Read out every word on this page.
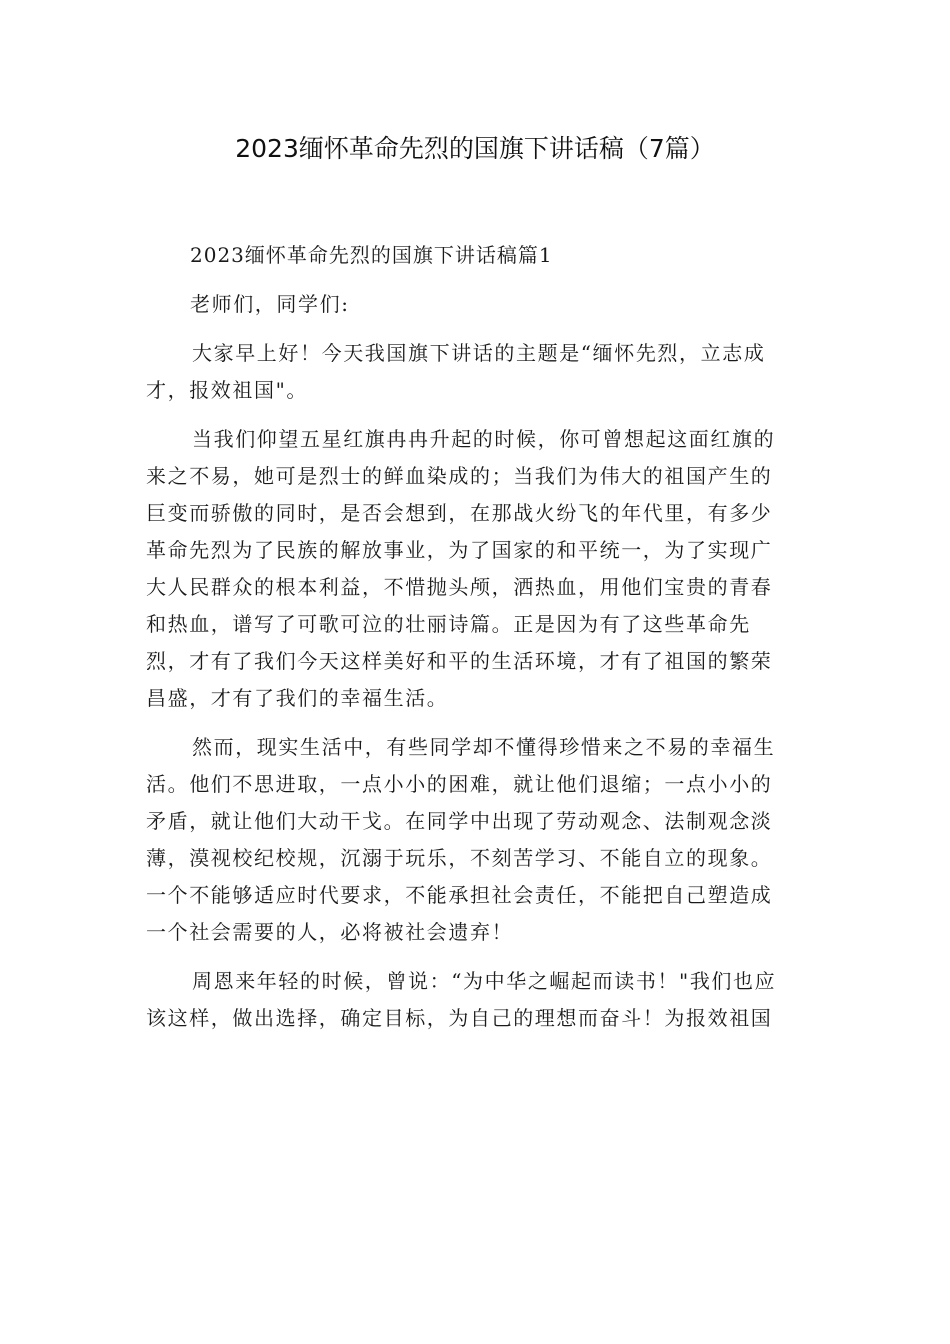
2023缅怀革命先烈的国旗下讲话稿（7篇）
2023缅怀革命先烈的国旗下讲话稿篇1
老师们，同学们:
大家早上好！今天我国旗下讲话的主题是“缅怀先烈，立志成
才，报效祖国"。
当我们仰望五星红旗冉冉升起的时候，你可曾想起这面红旗的
来之不易，她可是烈士的鲜血染成的；当我们为伟大的祖国产生的
巨变而骄傲的同时，是否会想到，在那战火纷飞的年代里，有多少
革命先烈为了民族的解放事业，为了国家的和平统一，为了实现广
大人民群众的根本利益，不惜抛头颅，洒热血，用他们宝贵的青春
和热血，谱写了可歌可泣的壮丽诗篇。正是因为有了这些革命先
烈，才有了我们今天这样美好和平的生活环境，才有了祖国的繁荣
昌盛，才有了我们的幸福生活。
然而，现实生活中，有些同学却不懂得珍惜来之不易的幸福生
活。他们不思进取，一点小小的困难，就让他们退缩；一点小小的
矛盾，就让他们大动干戈。在同学中出现了劳动观念、法制观念淡
薄，漠视校纪校规，沉溺于玩乐，不刻苦学习、不能自立的现象。
一个不能够适应时代要求，不能承担社会责任，不能把自己塑造成
一个社会需要的人，必将被社会遗弃！
周恩来年轻的时候，曾说：“为中华之崛起而读书！"我们也应
该这样，做出选择，确定目标，为自己的理想而奋斗！为报效祖国
